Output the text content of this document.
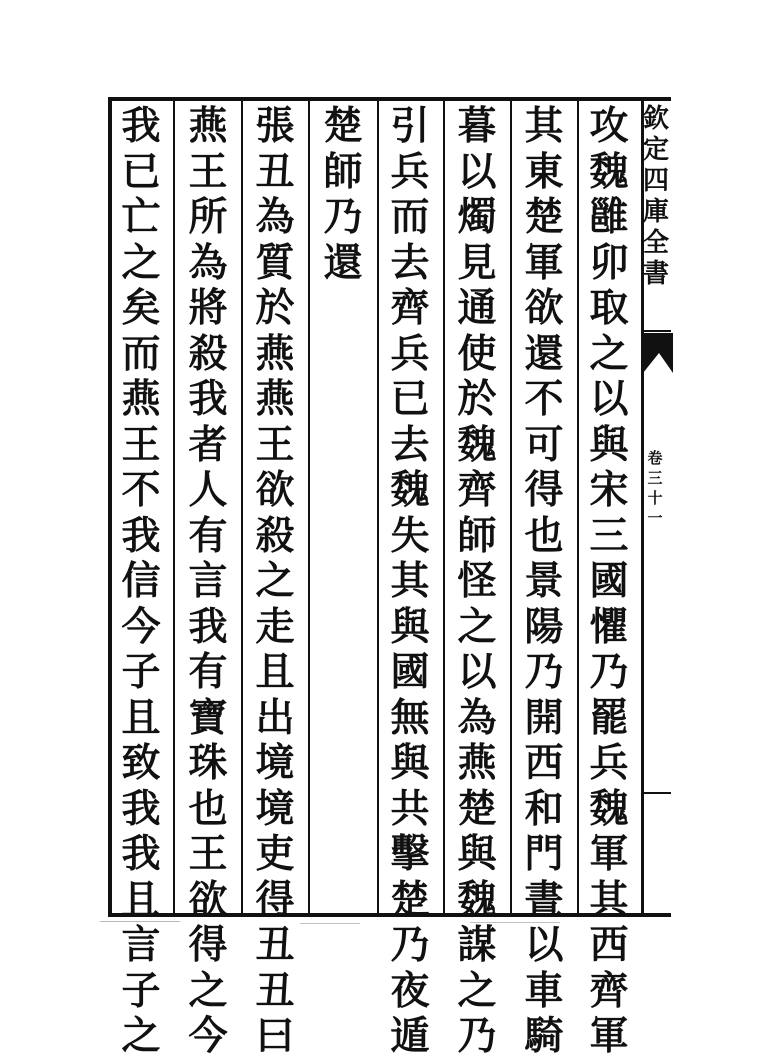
欽
定
四
庫
全
書
卷
三
十
一
攻
魏
雝
卯
取
之
以
與
宋
三
國
懼
乃
罷
兵
魏
軍
其
西
齊
軍
其
東
楚
軍
欲
還
不
可
得
也
景
陽
乃
開
西
和
門
晝
以
車
騎
暮
以
燭
見
通
使
於
魏
齊
師
怪
之
以
為
燕
楚
與
魏
謀
之
乃
引
兵
而
去
齊
兵
已
去
魏
失
其
與
國
無
與
共
擊
楚
乃
夜
遁
楚
師
乃
還
張
丑
為
質
於
燕
燕
王
欲
殺
之
走
且
出
境
境
吏
得
丑
丑
曰
燕
王
所
為
將
殺
我
者
人
有
言
我
有
寶
珠
也
王
欲
得
之
今
我
已
亡
之
矣
而
燕
王
不
我
信
今
子
且
致
我
我
且
言
子
之
